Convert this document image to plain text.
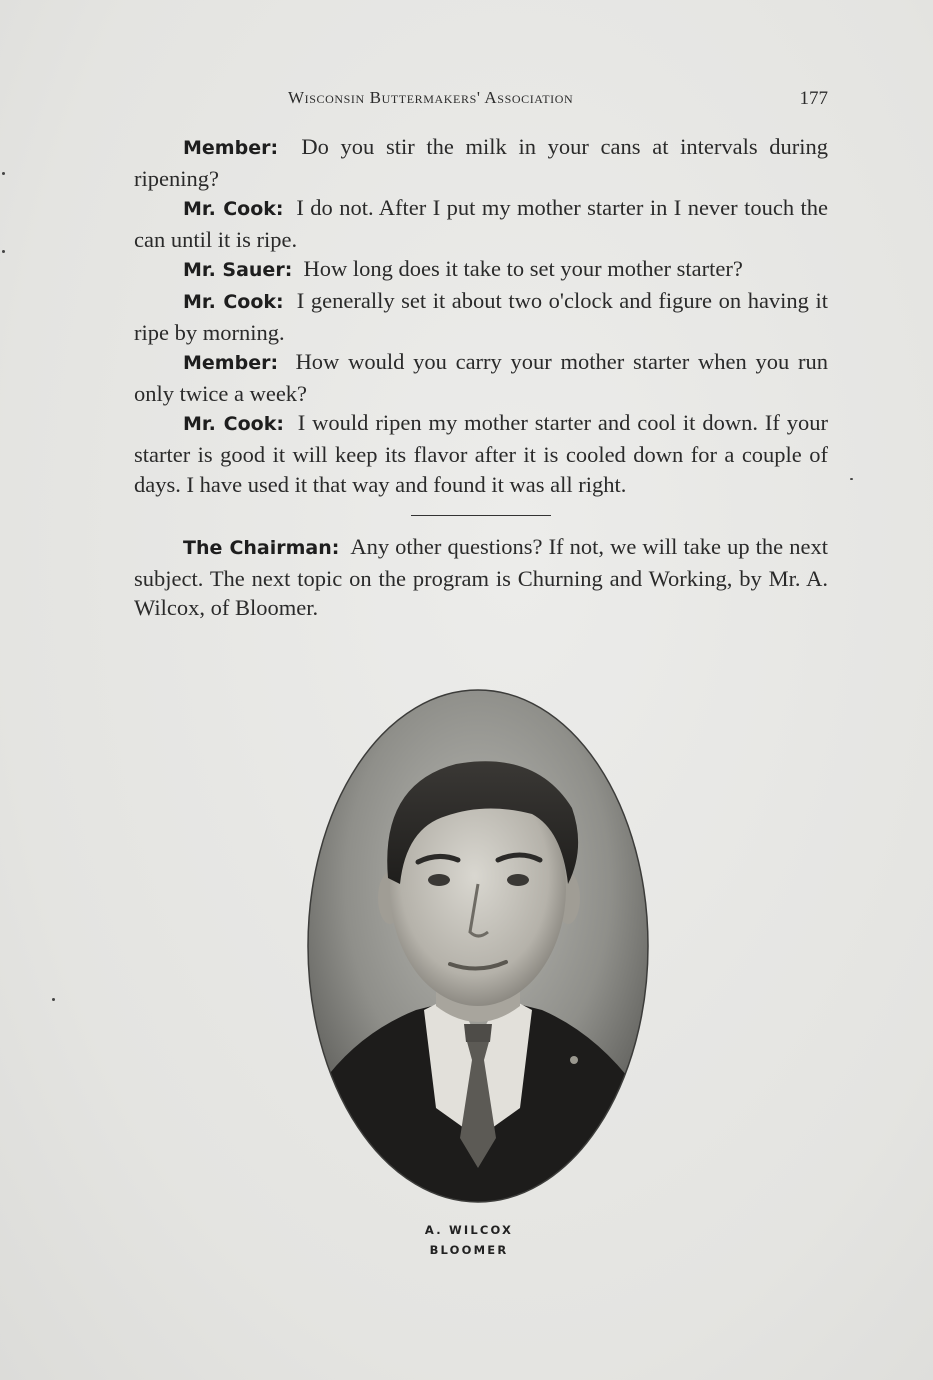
Wisconsin Buttermakers' Association	177

Member: Do you stir the milk in your cans at intervals during ripening?

Mr. Cook: I do not. After I put my mother starter in I never touch the can until it is ripe.

Mr. Sauer: How long does it take to set your mother starter?

Mr. Cook: I generally set it about two o'clock and figure on having it ripe by morning.

Member: How would you carry your mother starter when you run only twice a week?

Mr. Cook: I would ripen my mother starter and cool it down. If your starter is good it will keep its flavor after it is cooled down for a couple of days. I have used it that way and found it was all right.

The Chairman: Any other questions? If not, we will take up the next subject. The next topic on the program is Churning and Working, by Mr. A. Wilcox, of Bloomer.

A. WILCOX
BLOOMER
